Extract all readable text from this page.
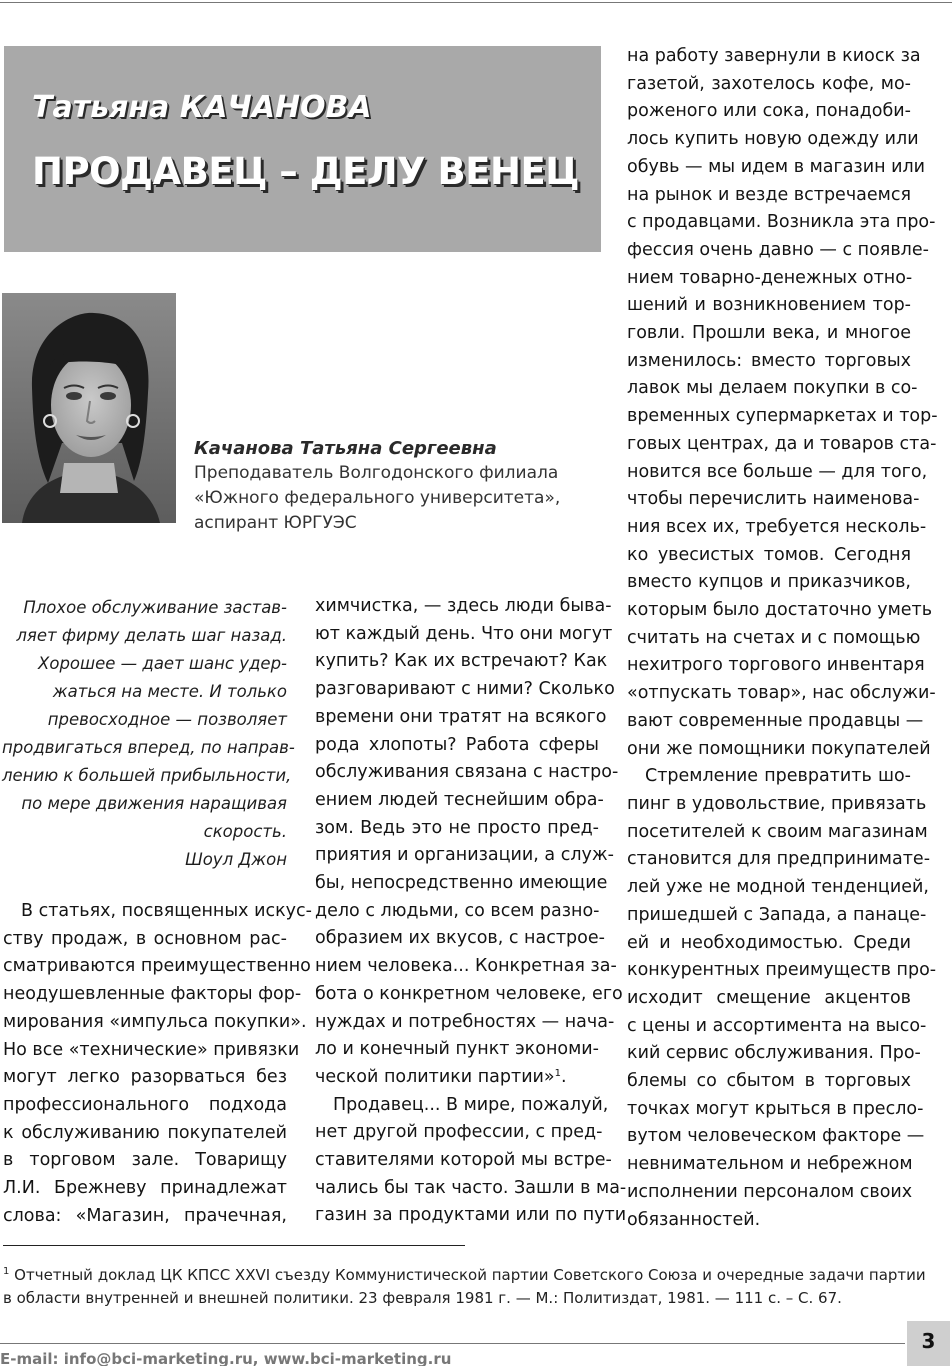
Татьяна КАЧАНОВА
ПРОДАВЕЦ – ДЕЛУ ВЕНЕЦ
Качанова Татьяна Сергеевна
Преподаватель Волгодонского филиала
«Южного федерального университета»,
аспирант ЮРГУЭС
Плохое обслуживание застав-
ляет фирму делать шаг назад.
Хорошее — дает шанс удер-
жаться на месте. И только
превосходное — позволяет
продвигаться вперед, по направ-
лению к большей прибыльности,
по мере движения наращивая
скорость.
Шоул Джон
В статьях, посвященных искус-
ству продаж, в основном рас-
сматриваются преимущественно
неодушевленные факторы фор-
мирования «импульса покупки».
Но все «технические» привязки
могут легко разорваться без
профессионального подхода
к обслуживанию покупателей
в торговом зале. Товарищу
Л.И. Брежневу принадлежат
слова: «Магазин, прачечная,
химчистка, — здесь люди быва-
ют каждый день. Что они могут
купить? Как их встречают? Как
разговаривают с ними? Сколько
времени они тратят на всякого
рода хлопоты? Работа сферы
обслуживания связана с настро-
ением людей теснейшим обра-
зом. Ведь это не просто пред-
приятия и организации, а служ-
бы, непосредственно имеющие
дело с людьми, со всем разно-
образием их вкусов, с настрое-
нием человека... Конкретная за-
бота о конкретном человеке, его
нуждах и потребностях — нача-
ло и конечный пункт экономи-
ческой политики партии»$^1$.
Продавец... В мире, пожалуй,
нет другой профессии, с пред-
ставителями которой мы встре-
чались бы так часто. Зашли в ма-
газин за продуктами или по пути
на работу завернули в киоск за
газетой, захотелось кофе, мо-
роженого или сока, понадоби-
лось купить новую одежду или
обувь — мы идем в магазин или
на рынок и везде встречаемся
с продавцами. Возникла эта про-
фессия очень давно — с появле-
нием товарно-денежных отно-
шений и возникновением тор-
говли. Прошли века, и многое
изменилось: вместо торговых
лавок мы делаем покупки в со-
временных супермаркетах и тор-
говых центрах, да и товаров ста-
новится все больше — для того,
чтобы перечислить наименова-
ния всех их, требуется несколь-
ко увесистых томов. Сегодня
вместо купцов и приказчиков,
которым было достаточно уметь
считать на счетах и с помощью
нехитрого торгового инвентаря
«отпускать товар», нас обслужи-
вают современные продавцы —
они же помощники покупателей
Стремление превратить шо-
пинг в удовольствие, привязать
посетителей к своим магазинам
становится для предпринимате-
лей уже не модной тенденцией,
пришедшей с Запада, а панаце-
ей и необходимостью. Среди
конкурентных преимуществ про-
исходит смещение акцентов
с цены и ассортимента на высо-
кий сервис обслуживания. Про-
блемы со сбытом в торговых
точках могут крыться в пресло-
вутом человеческом факторе —
невнимательном и небрежном
исполнении персоналом своих
обязанностей.
$^1$ Отчетный доклад ЦК КПСС XXVI съезду Коммунистической партии Советского Союза и очередные задачи партии
в области внутренней и внешней политики. 23 февраля 1981 г. — М.: Политиздат, 1981. — 111 с. – С. 67.
E-mail: info@bci-marketing.ru, www.bci-marketing.ru
3
